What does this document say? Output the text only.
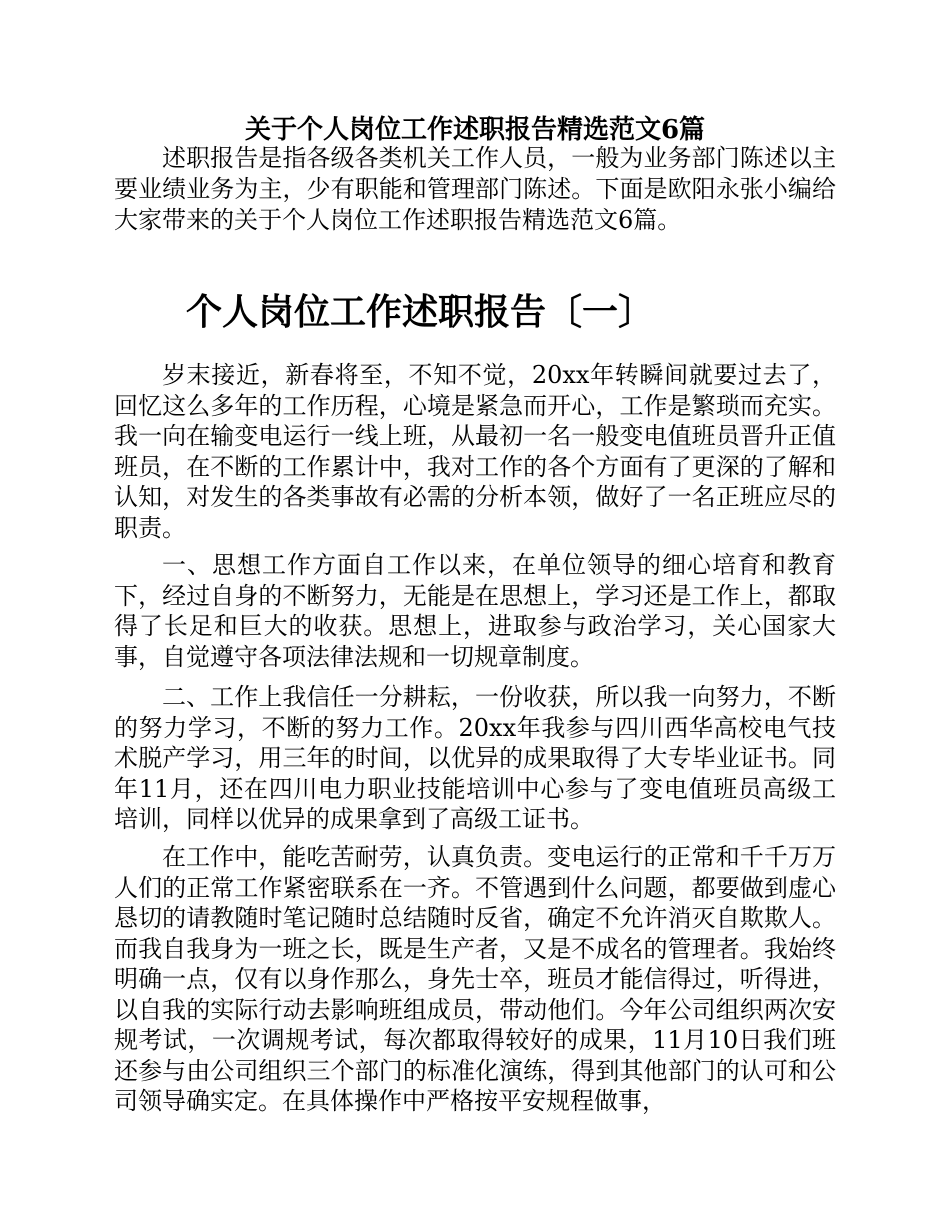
关于个人岗位工作述职报告精选范文6篇

述职报告是指各级各类机关工作人员，一般为业务部门陈述以主要业绩业务为主，少有职能和管理部门陈述。下面是欧阳永张小编给大家带来的关于个人岗位工作述职报告精选范文6篇。

个人岗位工作述职报告〔一〕

岁末接近，新春将至，不知不觉，20xx年转瞬间就要过去了，回忆这么多年的工作历程，心境是紧急而开心，工作是繁琐而充实。我一向在输变电运行一线上班，从最初一名一般变电值班员晋升正值班员，在不断的工作累计中，我对工作的各个方面有了更深的了解和认知，对发生的各类事故有必需的分析本领，做好了一名正班应尽的职责。

一、思想工作方面自工作以来，在单位领导的细心培育和教育下，经过自身的不断努力，无能是在思想上，学习还是工作上，都取得了长足和巨大的收获。思想上，进取参与政治学习，关心国家大事，自觉遵守各项法律法规和一切规章制度。

二、工作上我信任一分耕耘，一份收获，所以我一向努力，不断的努力学习，不断的努力工作。20xx年我参与四川西华高校电气技术脱产学习，用三年的时间，以优异的成果取得了大专毕业证书。同年11月，还在四川电力职业技能培训中心参与了变电值班员高级工培训，同样以优异的成果拿到了高级工证书。

在工作中，能吃苦耐劳，认真负责。变电运行的正常和千千万万人们的正常工作紧密联系在一齐。不管遇到什么问题，都要做到虚心恳切的请教随时笔记随时总结随时反省，确定不允许消灭自欺欺人。而我自我身为一班之长，既是生产者，又是不成名的管理者。我始终明确一点，仅有以身作那么，身先士卒，班员才能信得过，听得进，以自我的实际行动去影响班组成员，带动他们。今年公司组织两次安规考试，一次调规考试，每次都取得较好的成果，11月10日我们班还参与由公司组织三个部门的标准化演练，得到其他部门的认可和公司领导确实定。在具体操作中严格按平安规程做事，
